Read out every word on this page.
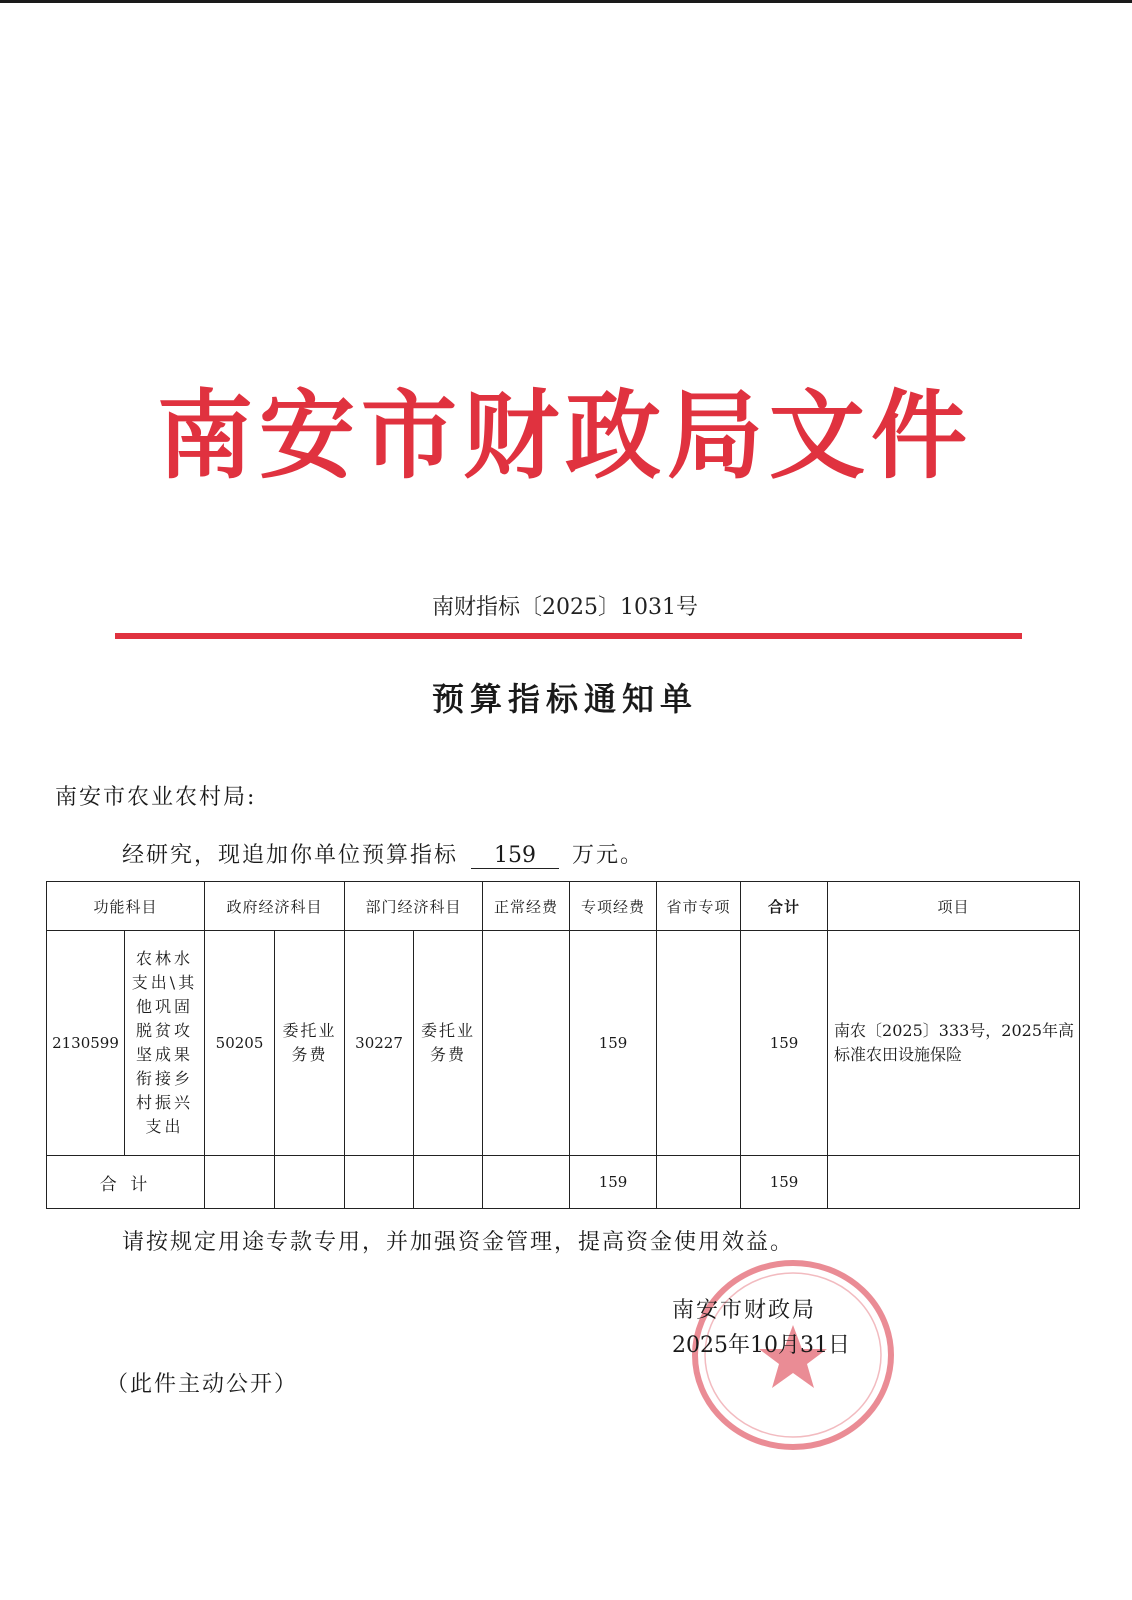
南安市财政局文件
南财指标〔2025〕1031号
预算指标通知单
南安市农业农村局:
经研究，现追加你单位预算指标 159 万元。
功能科目		政府经济科目		部门经济科目		正常经费	专项经费	省市专项	合计	项目
2130599	农林水支出\其他巩固脱贫攻坚成果衔接乡村振兴支出	50205	委托业务费	30227	委托业务费		159		159	南农〔2025〕333号，2025年高标准农田设施保险
合 计							159		159	
请按规定用途专款专用，并加强资金管理，提高资金使用效益。
南安市财政局
2025年10月31日
（此件主动公开）
